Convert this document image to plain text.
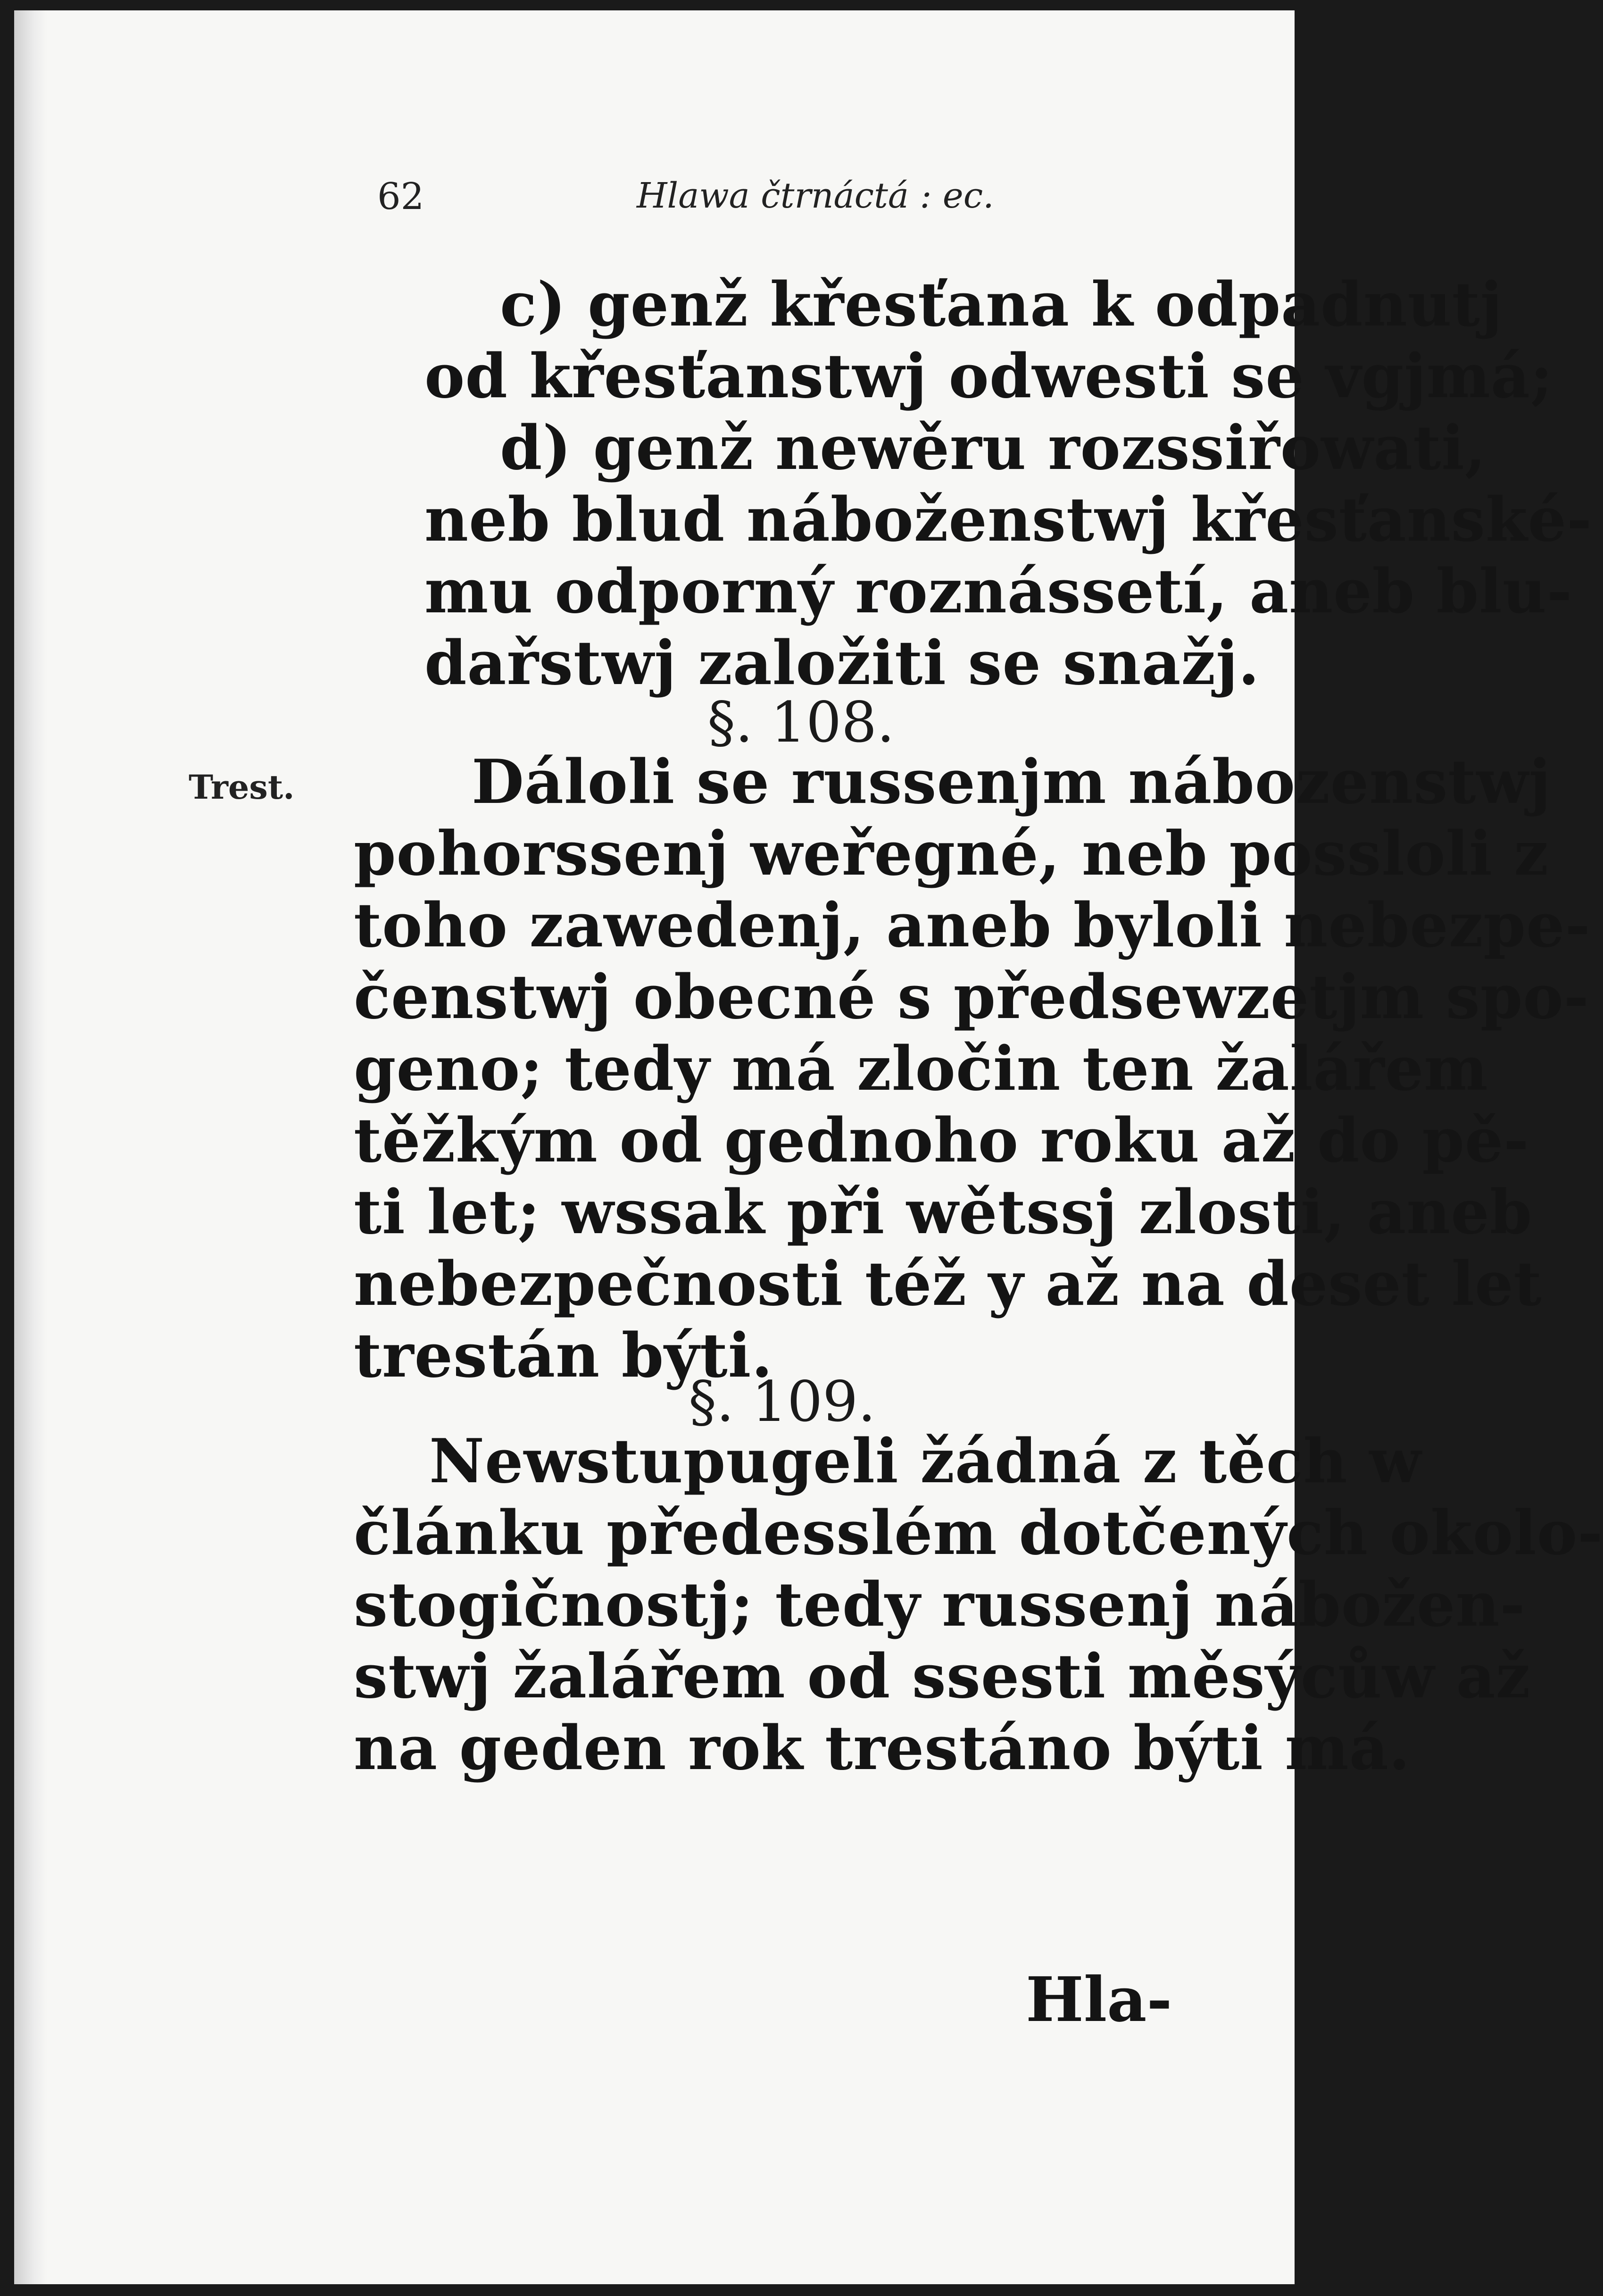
62	Hlawa čtrnáctá : ec.
c) genž křesťana k odpadnutj
od křesťanstwj odwesti se vgjmá;
d) genž newěru rozssiřowati,
neb blud náboženstwj křesťanské-
mu odporný roznássetí, aneb blu-
dařstwj založiti se snažj.
§. 108.
Trest.	Dáloli se russenjm nábozenstwj
pohorssenj weřegné, neb possloli z
toho zawedenj, aneb byloli nebezpe-
čenstwj obecné s předsewzetjm spo-
geno; tedy má zločin ten žalářem
těžkým od gednoho roku až do pě-
ti let; wssak při wětssj zlosti, aneb
nebezpečnosti též y až na deset let
trestán býti.
§. 109.
Newstupugeli žádná z těch w
článku předesslém dotčených okolo-
stogičnostj; tedy russenj nábožen-
stwj žalářem od ssesti měsýcůw až
na geden rok trestáno býti má.
Hla-
